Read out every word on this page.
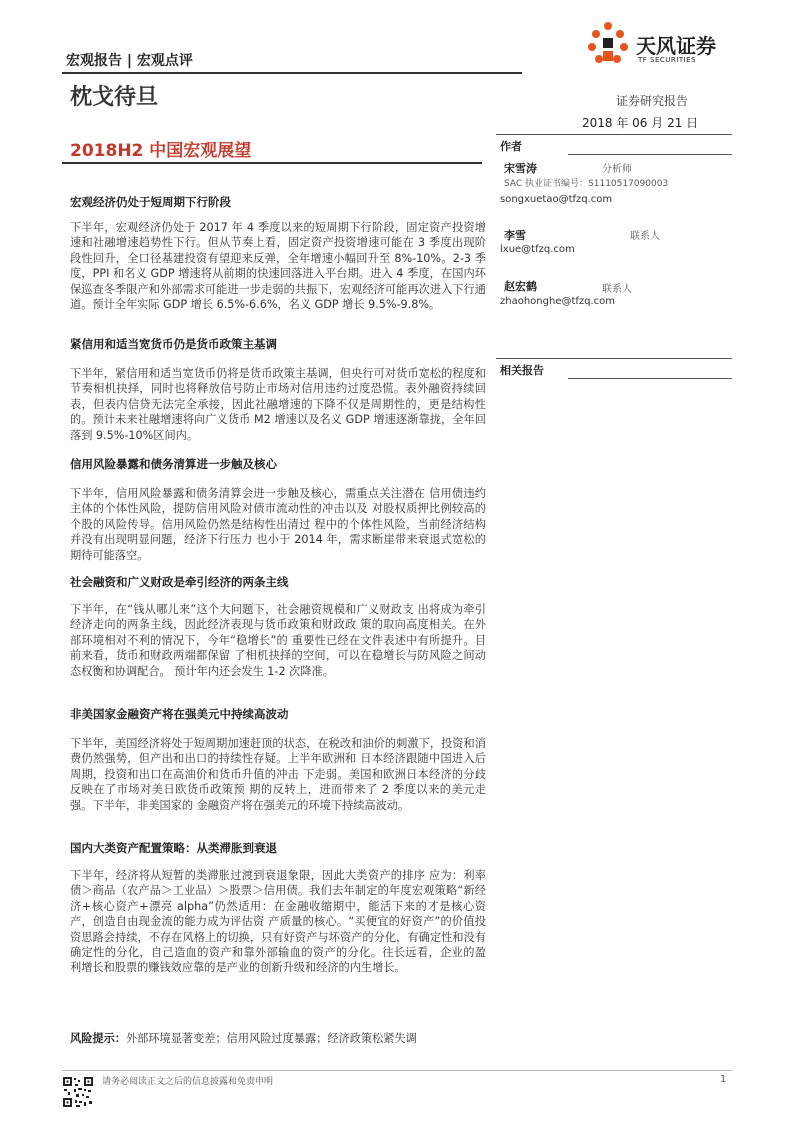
宏观报告 | 宏观点评
枕戈待旦
天风证券
TF SECURITIES
证券研究报告
2018 年 06 月 21 日
2018H2 中国宏观展望	作者
宋雪涛	分析师
SAC 执业证书编号：S1110517090003
songxuetao@tfzq.com
李雪	联系人
lxue@tfzq.com
赵宏鹤	联系人
zhaohonghe@tfzq.com
相关报告
宏观经济仍处于短周期下行阶段
下半年，宏观经济仍处于 2017 年 4 季度以来的短周期下行阶段，固定资产投资增速和社融增速趋势性下行。但从节奏上看，固定资产投资增速可能在 3 季度出现阶段性回升，全口径基建投资有望迎来反弹，全年增速小幅回升至 8%-10%。2-3 季度，PPI 和名义 GDP 增速将从前期的快速回落进入平台期。进入 4 季度，在国内环保巡查冬季限产和外部需求可能进一步走弱的共振下，宏观经济可能再次进入下行通道。预计全年实际 GDP 增长 6.5%-6.6%，名义 GDP 增长 9.5%-9.8%。
紧信用和适当宽货币仍是货币政策主基调
下半年，紧信用和适当宽货币仍将是货币政策主基调，但央行可对货币宽松的程度和节奏相机抉择，同时也将释放信号防止市场对信用违约过度恐慌。表外融资持续回表，但表内信贷无法完全承接，因此社融增速的下降不仅是周期性的，更是结构性的。预计未来社融增速将向广义货币 M2 增速以及名义 GDP 增速逐渐靠拢，全年回落到 9.5%-10%区间内。
信用风险暴露和债务清算进一步触及核心
下半年，信用风险暴露和债务清算会进一步触及核心，需重点关注潜在 信用债违约主体的个体性风险，提防信用风险对债市流动性的冲击以及 对股权质押比例较高的个股的风险传导。信用风险仍然是结构性出清过 程中的个体性风险，当前经济结构并没有出现明显问题，经济下行压力 也小于 2014 年，需求断崖带来衰退式宽松的期待可能落空。
社会融资和广义财政是牵引经济的两条主线
下半年，在“钱从哪儿来”这个大问题下，社会融资规模和广义财政支 出将成为牵引经济走向的两条主线，因此经济表现与货币政策和财政政 策的取向高度相关。在外部环境相对不利的情况下，今年“稳增长”的 重要性已经在文件表述中有所提升。目前来看，货币和财政两端都保留 了相机抉择的空间，可以在稳增长与防风险之间动态权衡和协调配合。 预计年内还会发生 1-2 次降准。
非美国家金融资产将在强美元中持续高波动
下半年，美国经济将处于短周期加速赶顶的状态，在税改和油价的刺激下，投资和消费仍然强势，但产出和出口的持续性存疑。上半年欧洲和 日本经济跟随中国进入后周期，投资和出口在高油价和货币升值的冲击 下走弱。美国和欧洲日本经济的分歧反映在了市场对美日欧货币政策预 期的反转上，进而带来了 2 季度以来的美元走强。下半年，非美国家的 金融资产将在强美元的环境下持续高波动。
国内大类资产配置策略：从类滞胀到衰退
下半年，经济将从短暂的类滞胀过渡到衰退象限，因此大类资产的排序 应为：利率债＞商品（农产品＞工业品）＞股票＞信用债。我们去年制定的年度宏观策略“新经济+核心资产+漂亮 alpha”仍然适用：在金融收缩期中，能活下来的才是核心资产，创造自由现金流的能力成为评估资 产质量的核心。“买便宜的好资产”的价值投资思路会持续，不存在风格上的切换，只有好资产与坏资产的分化，有确定性和没有确定性的分化，自己造血的资产和靠外部输血的资产的分化。往长远看，企业的盈 利增长和股票的赚钱效应靠的是产业的创新升级和经济的内生增长。
风险提示：外部环境显著变差；信用风险过度暴露；经济政策松紧失调
请务必阅读正文之后的信息披露和免责申明	1
